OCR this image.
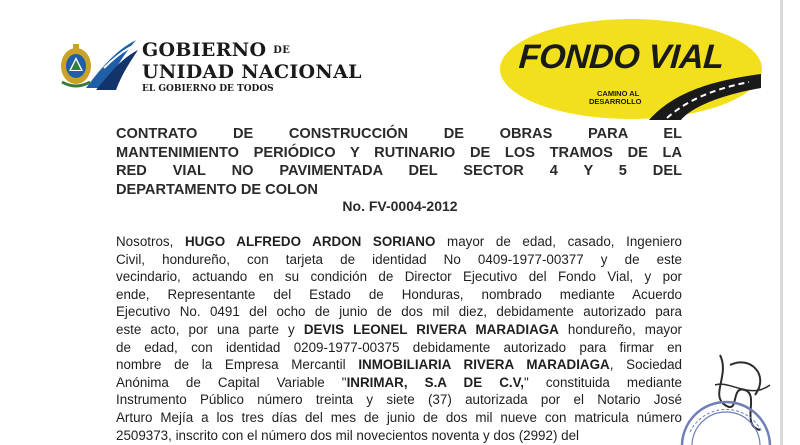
GOBIERNO DE
UNIDAD NACIONAL
EL GOBIERNO DE TODOS
FONDO VIAL
CAMINO AL
DESARROLLO
CONTRATO DE CONSTRUCCIÓN DE OBRAS PARA EL
MANTENIMIENTO PERIÓDICO Y RUTINARIO DE LOS TRAMOS DE LA
RED VIAL NO PAVIMENTADA DEL SECTOR 4 Y 5 DEL
DEPARTAMENTO DE COLON
No. FV-0004-2012
Nosotros, HUGO ALFREDO ARDON SORIANO mayor de edad, casado, Ingeniero
Civil, hondureño, con tarjeta de identidad No 0409-1977-00377 y de este
vecindario, actuando en su condición de Director Ejecutivo del Fondo Vial, y por
ende, Representante del Estado de Honduras, nombrado mediante Acuerdo
Ejecutivo No. 0491 del ocho de junio de dos mil diez, debidamente autorizado para
este acto, por una parte y DEVIS LEONEL RIVERA MARADIAGA hondureño, mayor
de edad, con identidad 0209-1977-00375 debidamente autorizado para firmar en
nombre de la Empresa Mercantil INMOBILIARIA RIVERA MARADIAGA, Sociedad
Anónima de Capital Variable "INRIMAR, S.A DE C.V," constituida mediante
Instrumento Público número treinta y siete (37) autorizada por el Notario José
Arturo Mejía a los tres días del mes de junio de dos mil nueve con matricula número
2509373, inscrito con el número dos mil novecientos noventa y dos (2992) del
